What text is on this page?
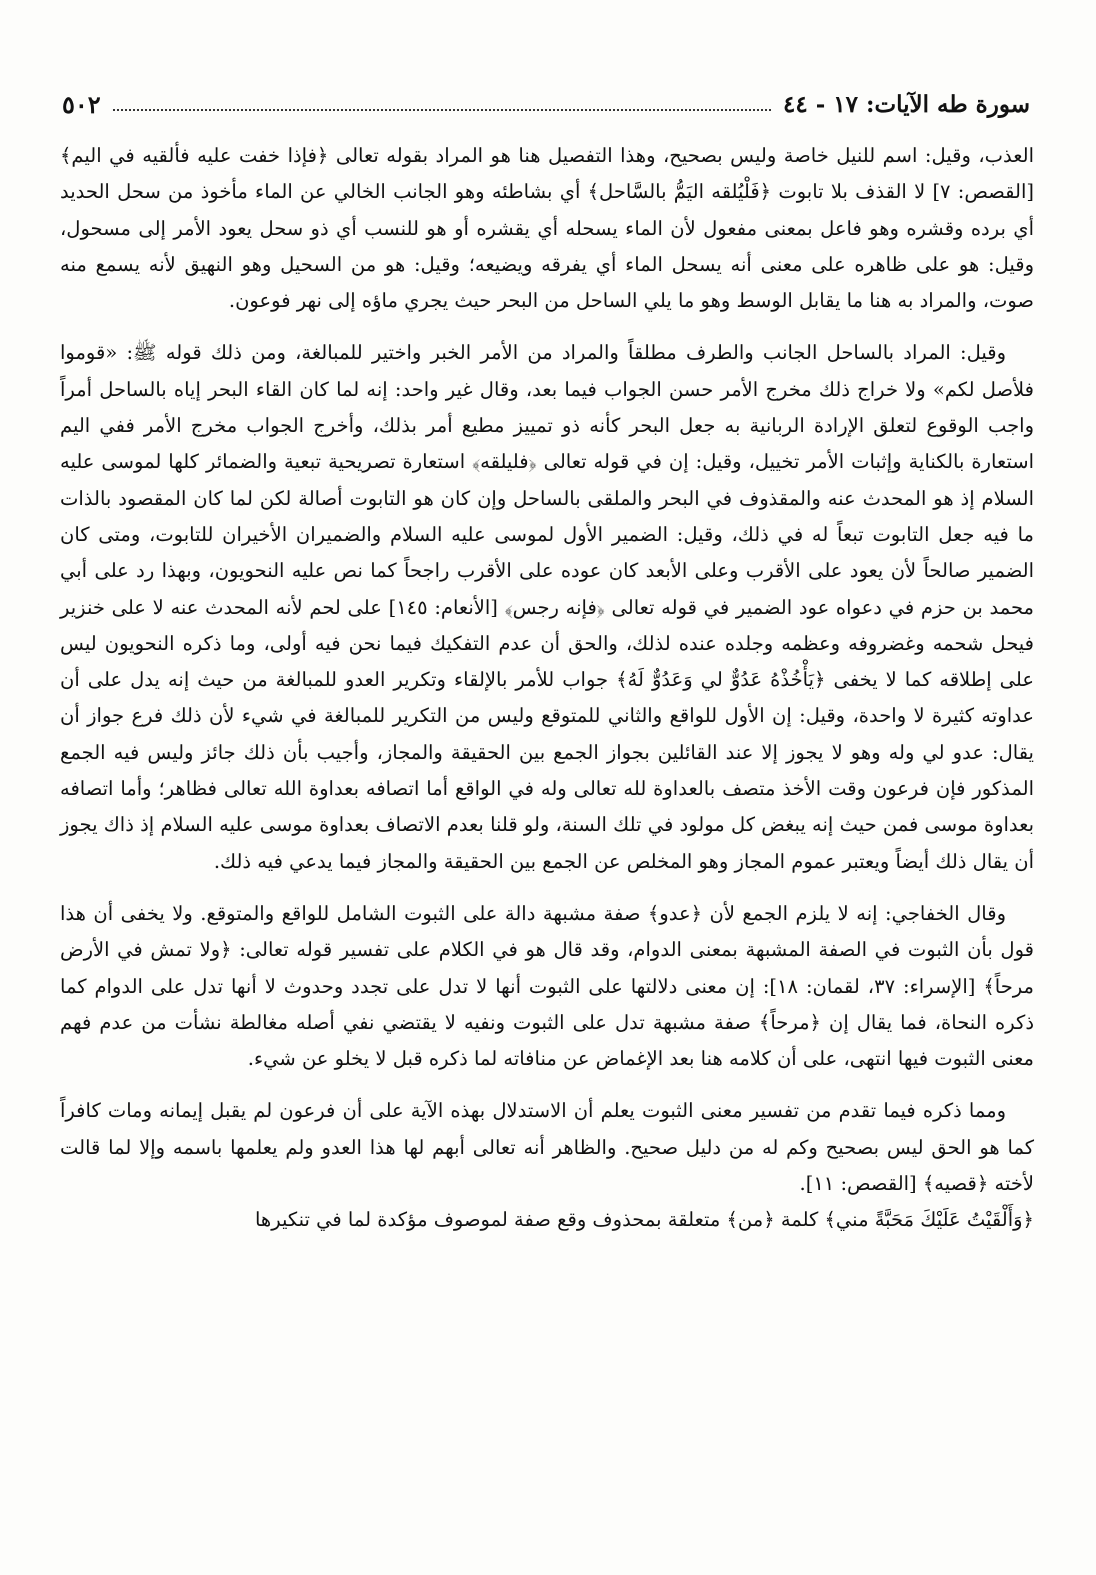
٥٠٢	سورة طه الآيات: ١٧ - ٤٤

العذب، وقيل: اسم للنيل خاصة وليس بصحيح، وهذا التفصيل هنا هو المراد بقوله تعالى ﴿فإذا خفت عليه فألقيه في اليم﴾ [القصص: ٧] لا القذف بلا تابوت ﴿فَلْيُلقه اليَمُّ بالسَّاحل﴾ أي بشاطئه وهو الجانب الخالي عن الماء مأخوذ من سحل الحديد أي برده وقشره وهو فاعل بمعنى مفعول لأن الماء يسحله أي يقشره أو هو للنسب أي ذو سحل يعود الأمر إلى مسحول، وقيل: هو على ظاهره على معنى أنه يسحل الماء أي يفرقه ويضيعه؛ وقيل: هو من السحيل وهو النهيق لأنه يسمع منه صوت، والمراد به هنا ما يقابل الوسط وهو ما يلي الساحل من البحر حيث يجري ماؤه إلى نهر فوعون.

وقيل: المراد بالساحل الجانب والطرف مطلقاً والمراد من الأمر الخبر واختير للمبالغة، ومن ذلك قوله ﷺ: «قوموا فلأصل لكم» ولا خراج ذلك مخرج الأمر حسن الجواب فيما بعد، وقال غير واحد: إنه لما كان القاء البحر إياه بالساحل أمراً واجب الوقوع لتعلق الإرادة الربانية به جعل البحر كأنه ذو تمييز مطيع أمر بذلك، وأخرج الجواب مخرج الأمر ففي اليم استعارة بالكناية وإثبات الأمر تخييل، وقيل: إن في قوله تعالى ﴿فليلقه﴾ استعارة تصريحية تبعية والضمائر كلها لموسى عليه السلام إذ هو المحدث عنه والمقذوف في البحر والملقى بالساحل وإن كان هو التابوت أصالة لكن لما كان المقصود بالذات ما فيه جعل التابوت تبعاً له في ذلك، وقيل: الضمير الأول لموسى عليه السلام والضميران الأخيران للتابوت، ومتى كان الضمير صالحاً لأن يعود على الأقرب وعلى الأبعد كان عوده على الأقرب راجحاً كما نص عليه النحويون، وبهذا رد على أبي محمد بن حزم في دعواه عود الضمير في قوله تعالى ﴿فإنه رجس﴾ [الأنعام: ١٤٥] على لحم لأنه المحدث عنه لا على خنزير فيحل شحمه وغضروفه وعظمه وجلده عنده لذلك، والحق أن عدم التفكيك فيما نحن فيه أولى، وما ذكره النحويون ليس على إطلاقه كما لا يخفى ﴿يَأْخُذْهُ عَدُوٌّ لي وَعَدُوٌّ لَهُ﴾ جواب للأمر بالإلقاء وتكرير العدو للمبالغة من حيث إنه يدل على أن عداوته كثيرة لا واحدة، وقيل: إن الأول للواقع والثاني للمتوقع وليس من التكرير للمبالغة في شيء لأن ذلك فرع جواز أن يقال: عدو لي وله وهو لا يجوز إلا عند القائلين بجواز الجمع بين الحقيقة والمجاز، وأجيب بأن ذلك جائز وليس فيه الجمع المذكور فإن فرعون وقت الأخذ متصف بالعداوة لله تعالى وله في الواقع أما اتصافه بعداوة الله تعالى فظاهر؛ وأما اتصافه بعداوة موسى فمن حيث إنه يبغض كل مولود في تلك السنة، ولو قلنا بعدم الاتصاف بعداوة موسى عليه السلام إذ ذاك يجوز أن يقال ذلك أيضاً ويعتبر عموم المجاز وهو المخلص عن الجمع بين الحقيقة والمجاز فيما يدعي فيه ذلك.

وقال الخفاجي: إنه لا يلزم الجمع لأن ﴿عدو﴾ صفة مشبهة دالة على الثبوت الشامل للواقع والمتوقع. ولا يخفى أن هذا قول بأن الثبوت في الصفة المشبهة بمعنى الدوام، وقد قال هو في الكلام على تفسير قوله تعالى: ﴿ولا تمش في الأرض مرحاً﴾ [الإسراء: ٣٧، لقمان: ١٨]: إن معنى دلالتها على الثبوت أنها لا تدل على تجدد وحدوث لا أنها تدل على الدوام كما ذكره النحاة، فما يقال إن ﴿مرحاً﴾ صفة مشبهة تدل على الثبوت ونفيه لا يقتضي نفي أصله مغالطة نشأت من عدم فهم معنى الثبوت فيها انتهى، على أن كلامه هنا بعد الإغماض عن منافاته لما ذكره قبل لا يخلو عن شيء.

ومما ذكره فيما تقدم من تفسير معنى الثبوت يعلم أن الاستدلال بهذه الآية على أن فرعون لم يقبل إيمانه ومات كافراً كما هو الحق ليس بصحيح وكم له من دليل صحيح. والظاهر أنه تعالى أبهم لها هذا العدو ولم يعلمها باسمه وإلا لما قالت لأخته ﴿قصيه﴾ [القصص: ١١].

﴿وَأَلْقَيْتُ عَلَيْكَ مَحَبَّةً مني﴾ كلمة ﴿من﴾ متعلقة بمحذوف وقع صفة لموصوف مؤكدة لما في تنكيرها
